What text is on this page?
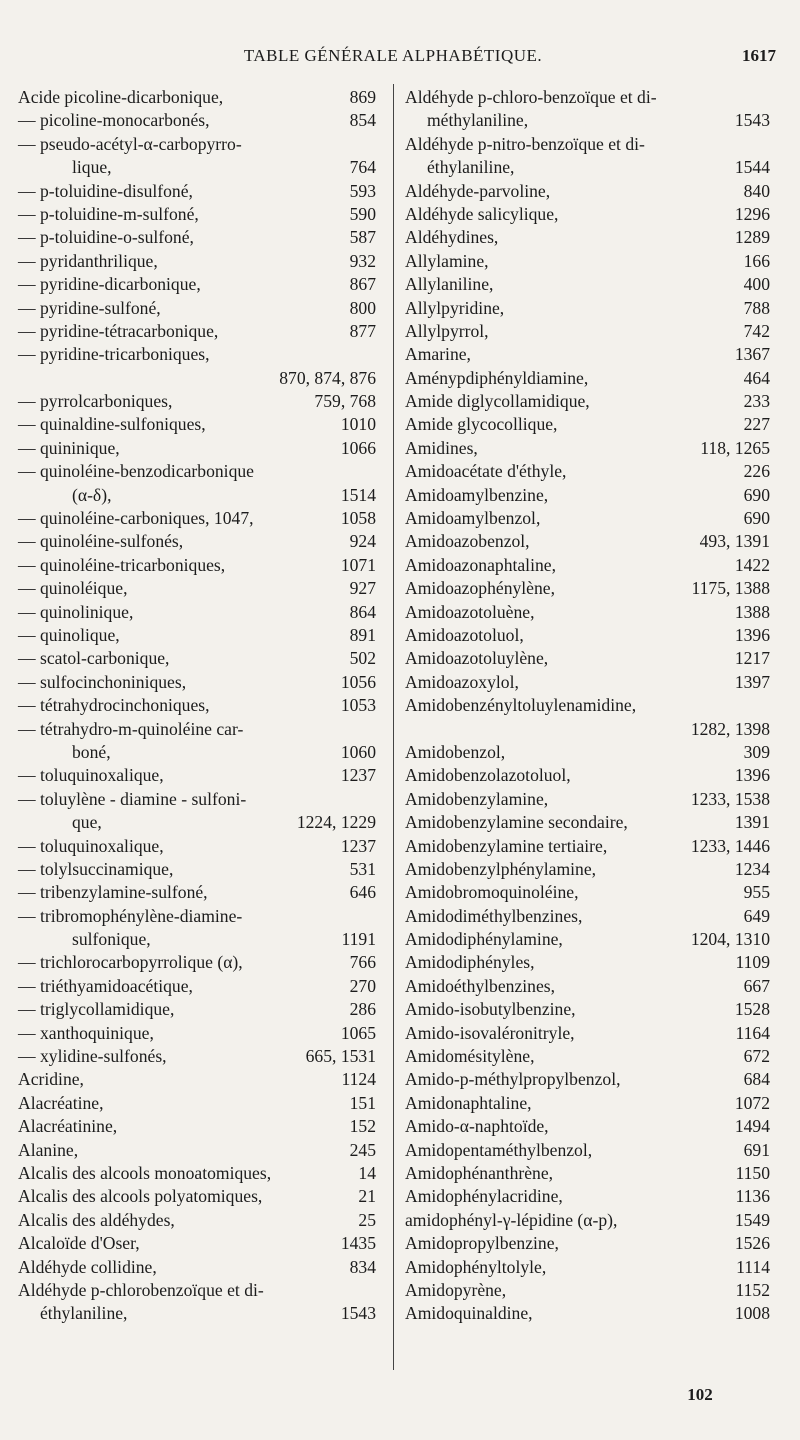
TABLE GÉNÉRALE ALPHABÉTIQUE.	1617
Acide picoline-dicarbonique,	869
— picoline-monocarbonés,	854
— pseudo-acétyl-α-carbopyrro-
lique,	764
— p-toluidine-disulfoné,	593
— p-toluidine-m-sulfoné,	590
— p-toluidine-o-sulfoné,	587
— pyridanthrilique,	932
— pyridine-dicarbonique,	867
— pyridine-sulfoné,	800
— pyridine-tétracarbonique,	877
— pyridine-tricarboniques,
870, 874, 876
— pyrrolcarboniques,	759, 768
— quinaldine-sulfoniques,	1010
— quininique,	1066
— quinoléine-benzodicarbonique
(α-δ),	1514
— quinoléine-carboniques, 1047,	1058
— quinoléine-sulfonés,	924
— quinoléine-tricarboniques,	1071
— quinoléique,	927
— quinolinique,	864
— quinolique,	891
— scatol-carbonique,	502
— sulfocinchoniniques,	1056
— tétrahydrocinchoniques,	1053
— tétrahydro-m-quinoléine car-
boné,	1060
— toluquinoxalique,	1237
— toluylène - diamine - sulfoni-
que,	1224, 1229
— toluquinoxalique,	1237
— tolylsuccinamique,	531
— tribenzylamine-sulfoné,	646
— tribromophénylène-diamine-
sulfonique,	1191
— trichlorocarbopyrrolique (α),	766
— triéthyamidoacétique,	270
— triglycollamidique,	286
— xanthoquinique,	1065
— xylidine-sulfonés,	665, 1531
Acridine,	1124
Alacréatine,	151
Alacréatinine,	152
Alanine,	245
Alcalis des alcools monoatomiques,	14
Alcalis des alcools polyatomiques,	21
Alcalis des aldéhydes,	25
Alcaloïde d'Oser,	1435
Aldéhyde collidine,	834
Aldéhyde p-chlorobenzoïque et di-
éthylaniline,	1543
Aldéhyde p-chloro-benzoïque et di-
méthylaniline,	1543
Aldéhyde p-nitro-benzoïque et di-
éthylaniline,	1544
Aldéhyde-parvoline,	840
Aldéhyde salicylique,	1296
Aldéhydines,	1289
Allylamine,	166
Allylaniline,	400
Allylpyridine,	788
Allylpyrrol,	742
Amarine,	1367
Aménypdiphényldiamine,	464
Amide diglycollamidique,	233
Amide glycocollique,	227
Amidines,	118, 1265
Amidoacétate d'éthyle,	226
Amidoamylbenzine,	690
Amidoamylbenzol,	690
Amidoazobenzol,	493, 1391
Amidoazonaphtaline,	1422
Amidoazophénylène,	1175, 1388
Amidoazotoluène,	1388
Amidoazotoluol,	1396
Amidoazotoluylène,	1217
Amidoazoxylol,	1397
Amidobenzényltoluylenamidine,
1282, 1398
Amidobenzol,	309
Amidobenzolazotoluol,	1396
Amidobenzylamine,	1233, 1538
Amidobenzylamine secondaire,	1391
Amidobenzylamine tertiaire,	1233, 1446
Amidobenzylphénylamine,	1234
Amidobromoquinoléine,	955
Amidodiméthylbenzines,	649
Amidodiphénylamine,	1204, 1310
Amidodiphényles,	1109
Amidoéthylbenzines,	667
Amido-isobutylbenzine,	1528
Amido-isovaléronitryle,	1164
Amidomésitylène,	672
Amido-p-méthylpropylbenzol,	684
Amidonaphtaline,	1072
Amido-α-naphtoïde,	1494
Amidopentaméthylbenzol,	691
Amidophénanthrène,	1150
Amidophénylacridine,	1136
amidophényl-γ-lépidine (α-p),	1549
Amidopropylbenzine,	1526
Amidophényltolyle,	1114
Amidopyrène,	1152
Amidoquinaldine,	1008
102
